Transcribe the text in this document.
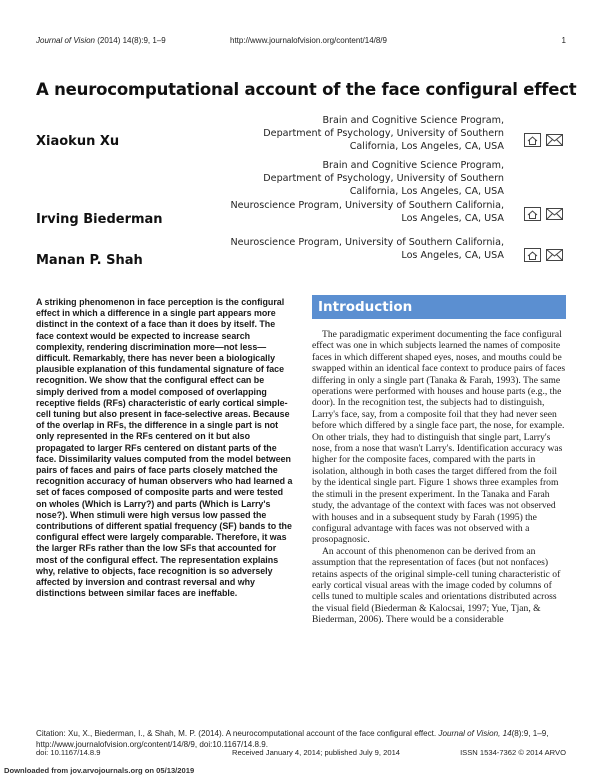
Journal of Vision (2014) 14(8):9, 1–9	http://www.journalofvision.org/content/14/8/9	1
A neurocomputational account of the face configural effect
Xiaokun Xu
Brain and Cognitive Science Program,
Department of Psychology, University of Southern
California, Los Angeles, CA, USA
Irving Biederman
Brain and Cognitive Science Program,
Department of Psychology, University of Southern
California, Los Angeles, CA, USA
Neuroscience Program, University of Southern California,
Los Angeles, CA, USA
Manan P. Shah
Neuroscience Program, University of Southern California,
Los Angeles, CA, USA
A striking phenomenon in face perception is the configural effect in which a difference in a single part appears more distinct in the context of a face than it does by itself. The face context would be expected to increase search complexity, rendering discrimination more—not less—difficult. Remarkably, there has never been a biologically plausible explanation of this fundamental signature of face recognition. We show that the configural effect can be simply derived from a model composed of overlapping receptive fields (RFs) characteristic of early cortical simple-cell tuning but also present in face-selective areas. Because of the overlap in RFs, the difference in a single part is not only represented in the RFs centered on it but also propagated to larger RFs centered on distant parts of the face. Dissimilarity values computed from the model between pairs of faces and pairs of face parts closely matched the recognition accuracy of human observers who had learned a set of faces composed of composite parts and were tested on wholes (Which is Larry?) and parts (Which is Larry's nose?). When stimuli were high versus low passed the contributions of different spatial frequency (SF) bands to the configural effect were largely comparable. Therefore, it was the larger RFs rather than the low SFs that accounted for most of the configural effect. The representation explains why, relative to objects, face recognition is so adversely affected by inversion and contrast reversal and why distinctions between similar faces are ineffable.
Introduction

The paradigmatic experiment documenting the face configural effect was one in which subjects learned the names of composite faces in which different shaped eyes, noses, and mouths could be swapped within an identical face context to produce pairs of faces differing in only a single part (Tanaka & Farah, 1993). The same operations were performed with houses and house parts (e.g., the door). In the recognition test, the subjects had to distinguish, Larry's face, say, from a composite foil that they had never seen before which differed by a single face part, the nose, for example. On other trials, they had to distinguish that single part, Larry's nose, from a nose that wasn't Larry's. Identification accuracy was higher for the composite faces, compared with the parts in isolation, although in both cases the target differed from the foil by the identical single part. Figure 1 shows three examples from the stimuli in the present experiment. In the Tanaka and Farah study, the advantage of the context with faces was not observed with houses and in a subsequent study by Farah (1995) the configural advantage with faces was not observed with a prosopagnosic.

An account of this phenomenon can be derived from an assumption that the representation of faces (but not nonfaces) retains aspects of the original simple-cell tuning characteristic of early cortical visual areas with the image coded by columns of cells tuned to multiple scales and orientations distributed across the visual field (Biederman & Kalocsai, 1997; Yue, Tjan, & Biederman, 2006). There would be a considerable

Citation: Xu, X., Biederman, I., & Shah, M. P. (2014). A neurocomputational account of the face configural effect. Journal of Vision, 14(8):9, 1–9, http://www.journalofvision.org/content/14/8/9, doi:10.1167/14.8.9.
doi: 10.1167/14.8.9	Received January 4, 2014; published July 9, 2014	ISSN 1534-7362 © 2014 ARVO
Downloaded from jov.arvojournals.org on 05/13/2019
